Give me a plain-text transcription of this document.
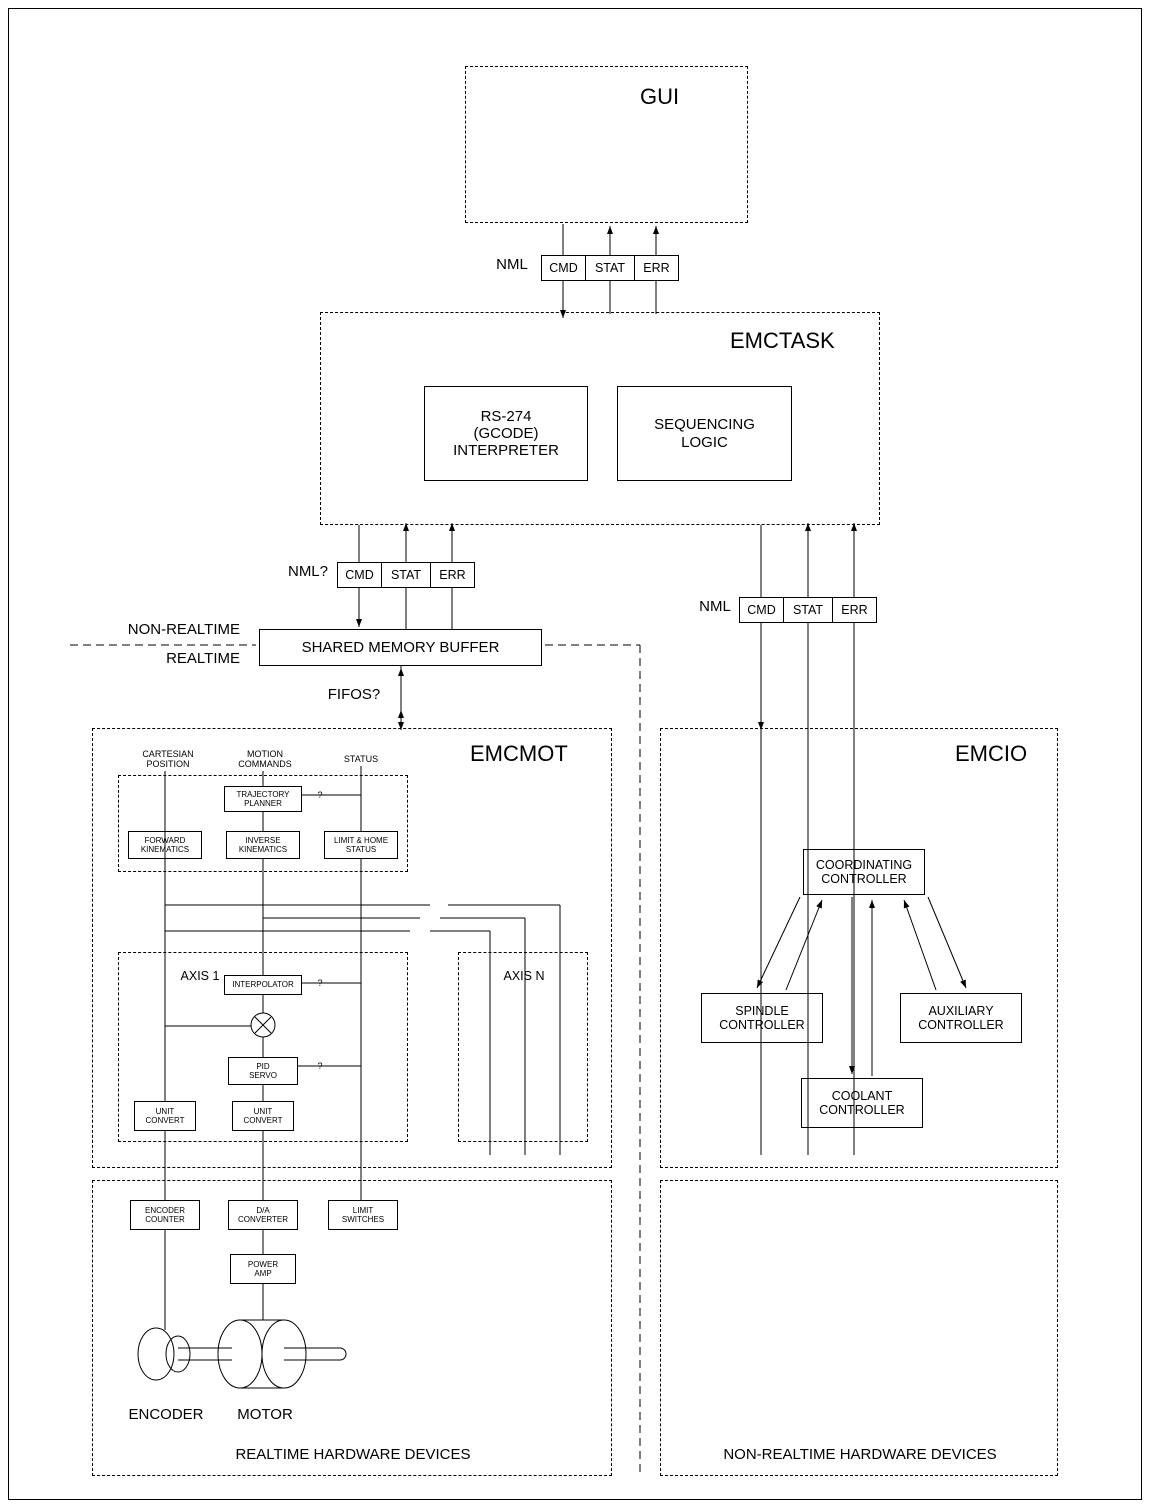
GUI
NML	CMD	STAT	ERR
EMCTASK
RS-274
(GCODE)
INTERPRETER
SEQUENCING
LOGIC
NML?	CMD	STAT	ERR
NML	CMD	STAT	ERR
NON-REALTIME
REALTIME
SHARED MEMORY BUFFER
FIFOS?
EMCMOT
CARTESIAN
POSITION
MOTION
COMMANDS
STATUS
TRAJECTORY
PLANNER
?
FORWARD
KINEMATICS
INVERSE
KINEMATICS
LIMIT & HOME
STATUS
AXIS 1	AXIS N
INTERPOLATOR	?
PID
SERVO
?
UNIT
CONVERT
UNIT
CONVERT
ENCODER
COUNTER
D/A
CONVERTER
LIMIT
SWITCHES
POWER
AMP
ENCODER	MOTOR
REALTIME HARDWARE DEVICES
EMCIO
COORDINATING
CONTROLLER
SPINDLE
CONTROLLER
AUXILIARY
CONTROLLER
COOLANT
CONTROLLER
NON-REALTIME HARDWARE DEVICES
